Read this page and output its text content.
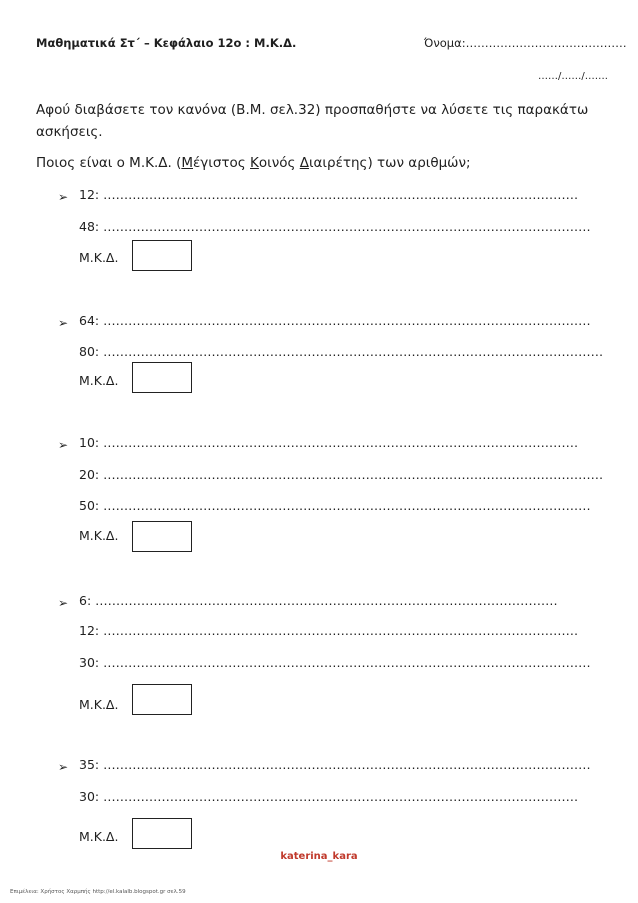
Μαθηματικά Στ΄ – Κεφάλαιο 12ο : Μ.Κ.Δ.	Όνομα:……………………………………
……/……/…….
Αφού διαβάσετε τον κανόνα (Β.Μ. σελ.32) προσπαθήστε να λύσετε τις παρακάτω ασκήσεις.
Ποιος είναι ο Μ.Κ.Δ. (Μέγιστος Κοινός Διαιρέτης) των αριθμών;
➢ 12: ……………………………………………………………………………………………………
48: ………………………………………………………………………………………………………
Μ.Κ.Δ.
➢ 64: ………………………………………………………………………………………………………
80: …………………………………………………………………………………………………………
Μ.Κ.Δ.
➢ 10: ……………………………………………………………………………………………………
20: …………………………………………………………………………………………………………
50: ………………………………………………………………………………………………………
Μ.Κ.Δ.
➢ 6: …………………………………………………………………………………………………
12: ……………………………………………………………………………………………………
30: ………………………………………………………………………………………………………
Μ.Κ.Δ.
➢ 35: ………………………………………………………………………………………………………
30: ……………………………………………………………………………………………………
Μ.Κ.Δ.
katerina_kara
Επιμέλεια: Χρήστος Χαρμπής http://el.kalalb.blogspot.gr σελ.59
